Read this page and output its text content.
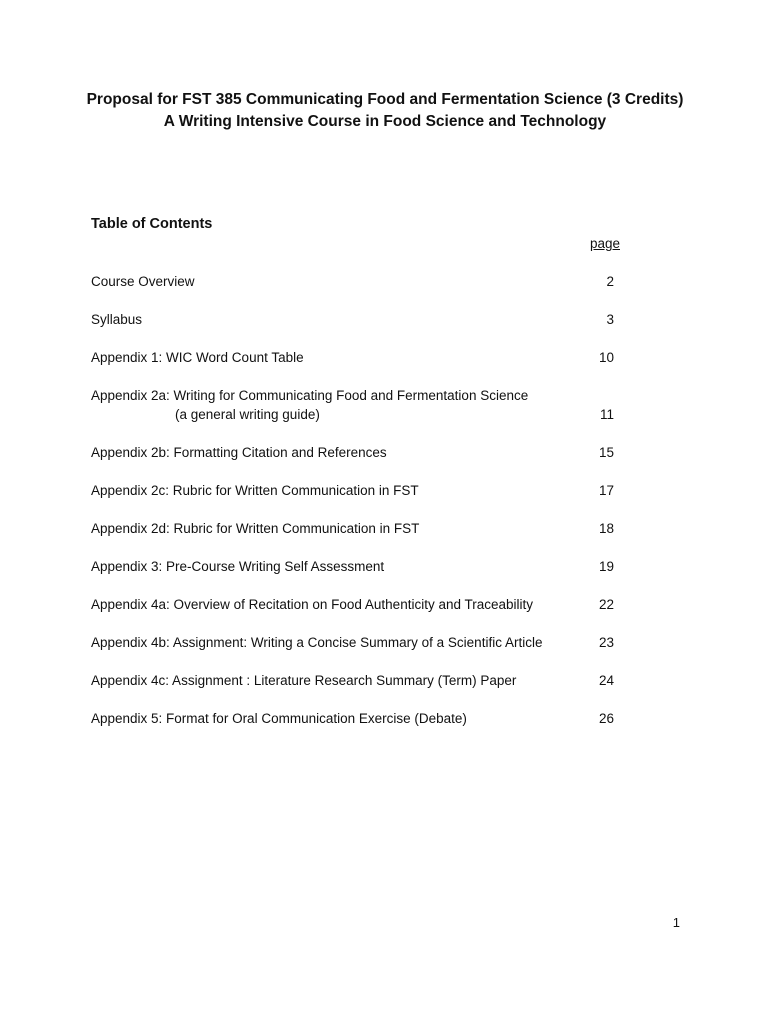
Proposal for FST 385 Communicating Food and Fermentation Science (3 Credits)
A Writing Intensive Course in Food Science and Technology
Table of Contents
page
Course Overview	2
Syllabus	3
Appendix 1: WIC Word Count Table	10
Appendix 2a: Writing for Communicating Food and Fermentation Science
(a general writing guide)	11
Appendix 2b: Formatting Citation and References	15
Appendix 2c: Rubric for Written Communication in FST	17
Appendix 2d: Rubric for Written Communication in FST	18
Appendix 3: Pre-Course Writing Self Assessment	19
Appendix 4a: Overview of Recitation on Food Authenticity and Traceability	22
Appendix 4b: Assignment: Writing a Concise Summary of a Scientific Article	23
Appendix 4c: Assignment : Literature Research Summary (Term) Paper	24
Appendix 5: Format for Oral Communication Exercise (Debate)	26
1
